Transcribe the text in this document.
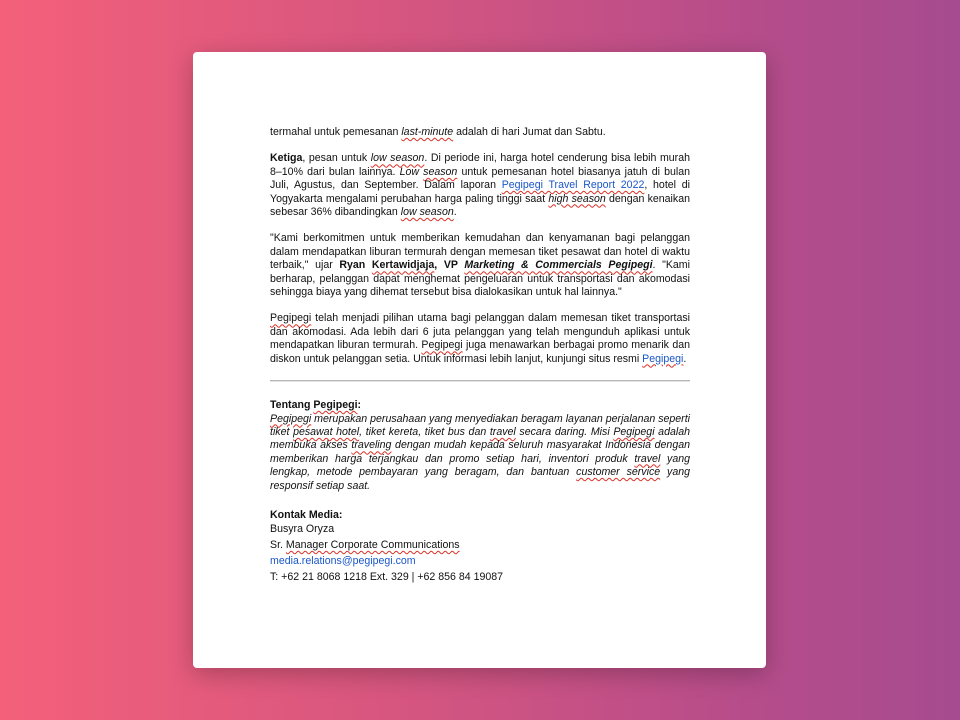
termahal untuk pemesanan last-minute adalah di hari Jumat dan Sabtu.

Ketiga, pesan untuk low season. Di periode ini, harga hotel cenderung bisa lebih murah 8–10% dari bulan lainnya. Low season untuk pemesanan hotel biasanya jatuh di bulan Juli, Agustus, dan September. Dalam laporan Pegipegi Travel Report 2022, hotel di Yogyakarta mengalami perubahan harga paling tinggi saat high season dengan kenaikan sebesar 36% dibandingkan low season.

"Kami berkomitmen untuk memberikan kemudahan dan kenyamanan bagi pelanggan dalam mendapatkan liburan termurah dengan memesan tiket pesawat dan hotel di waktu terbaik," ujar Ryan Kertawidjaja, VP Marketing & Commercials Pegipegi. "Kami berharap, pelanggan dapat menghemat pengeluaran untuk transportasi dan akomodasi sehingga biaya yang dihemat tersebut bisa dialokasikan untuk hal lainnya."

Pegipegi telah menjadi pilihan utama bagi pelanggan dalam memesan tiket transportasi dan akomodasi. Ada lebih dari 6 juta pelanggan yang telah mengunduh aplikasi untuk mendapatkan liburan termurah. Pegipegi juga menawarkan berbagai promo menarik dan diskon untuk pelanggan setia. Untuk informasi lebih lanjut, kunjungi situs resmi Pegipegi.

Tentang Pegipegi:

Pegipegi merupakan perusahaan yang menyediakan beragam layanan perjalanan seperti tiket pesawat hotel, tiket kereta, tiket bus dan travel secara daring. Misi Pegipegi adalah membuka akses traveling dengan mudah kepada seluruh masyarakat Indonesia dengan memberikan harga terjangkau dan promo setiap hari, inventori produk travel yang lengkap, metode pembayaran yang beragam, dan bantuan customer service yang responsif setiap saat.

Kontak Media:

Busyra Oryza

Sr. Manager Corporate Communications

media.relations@pegipegi.com

T: +62 21 8068 1218 Ext. 329 | +62 856 84 19087
